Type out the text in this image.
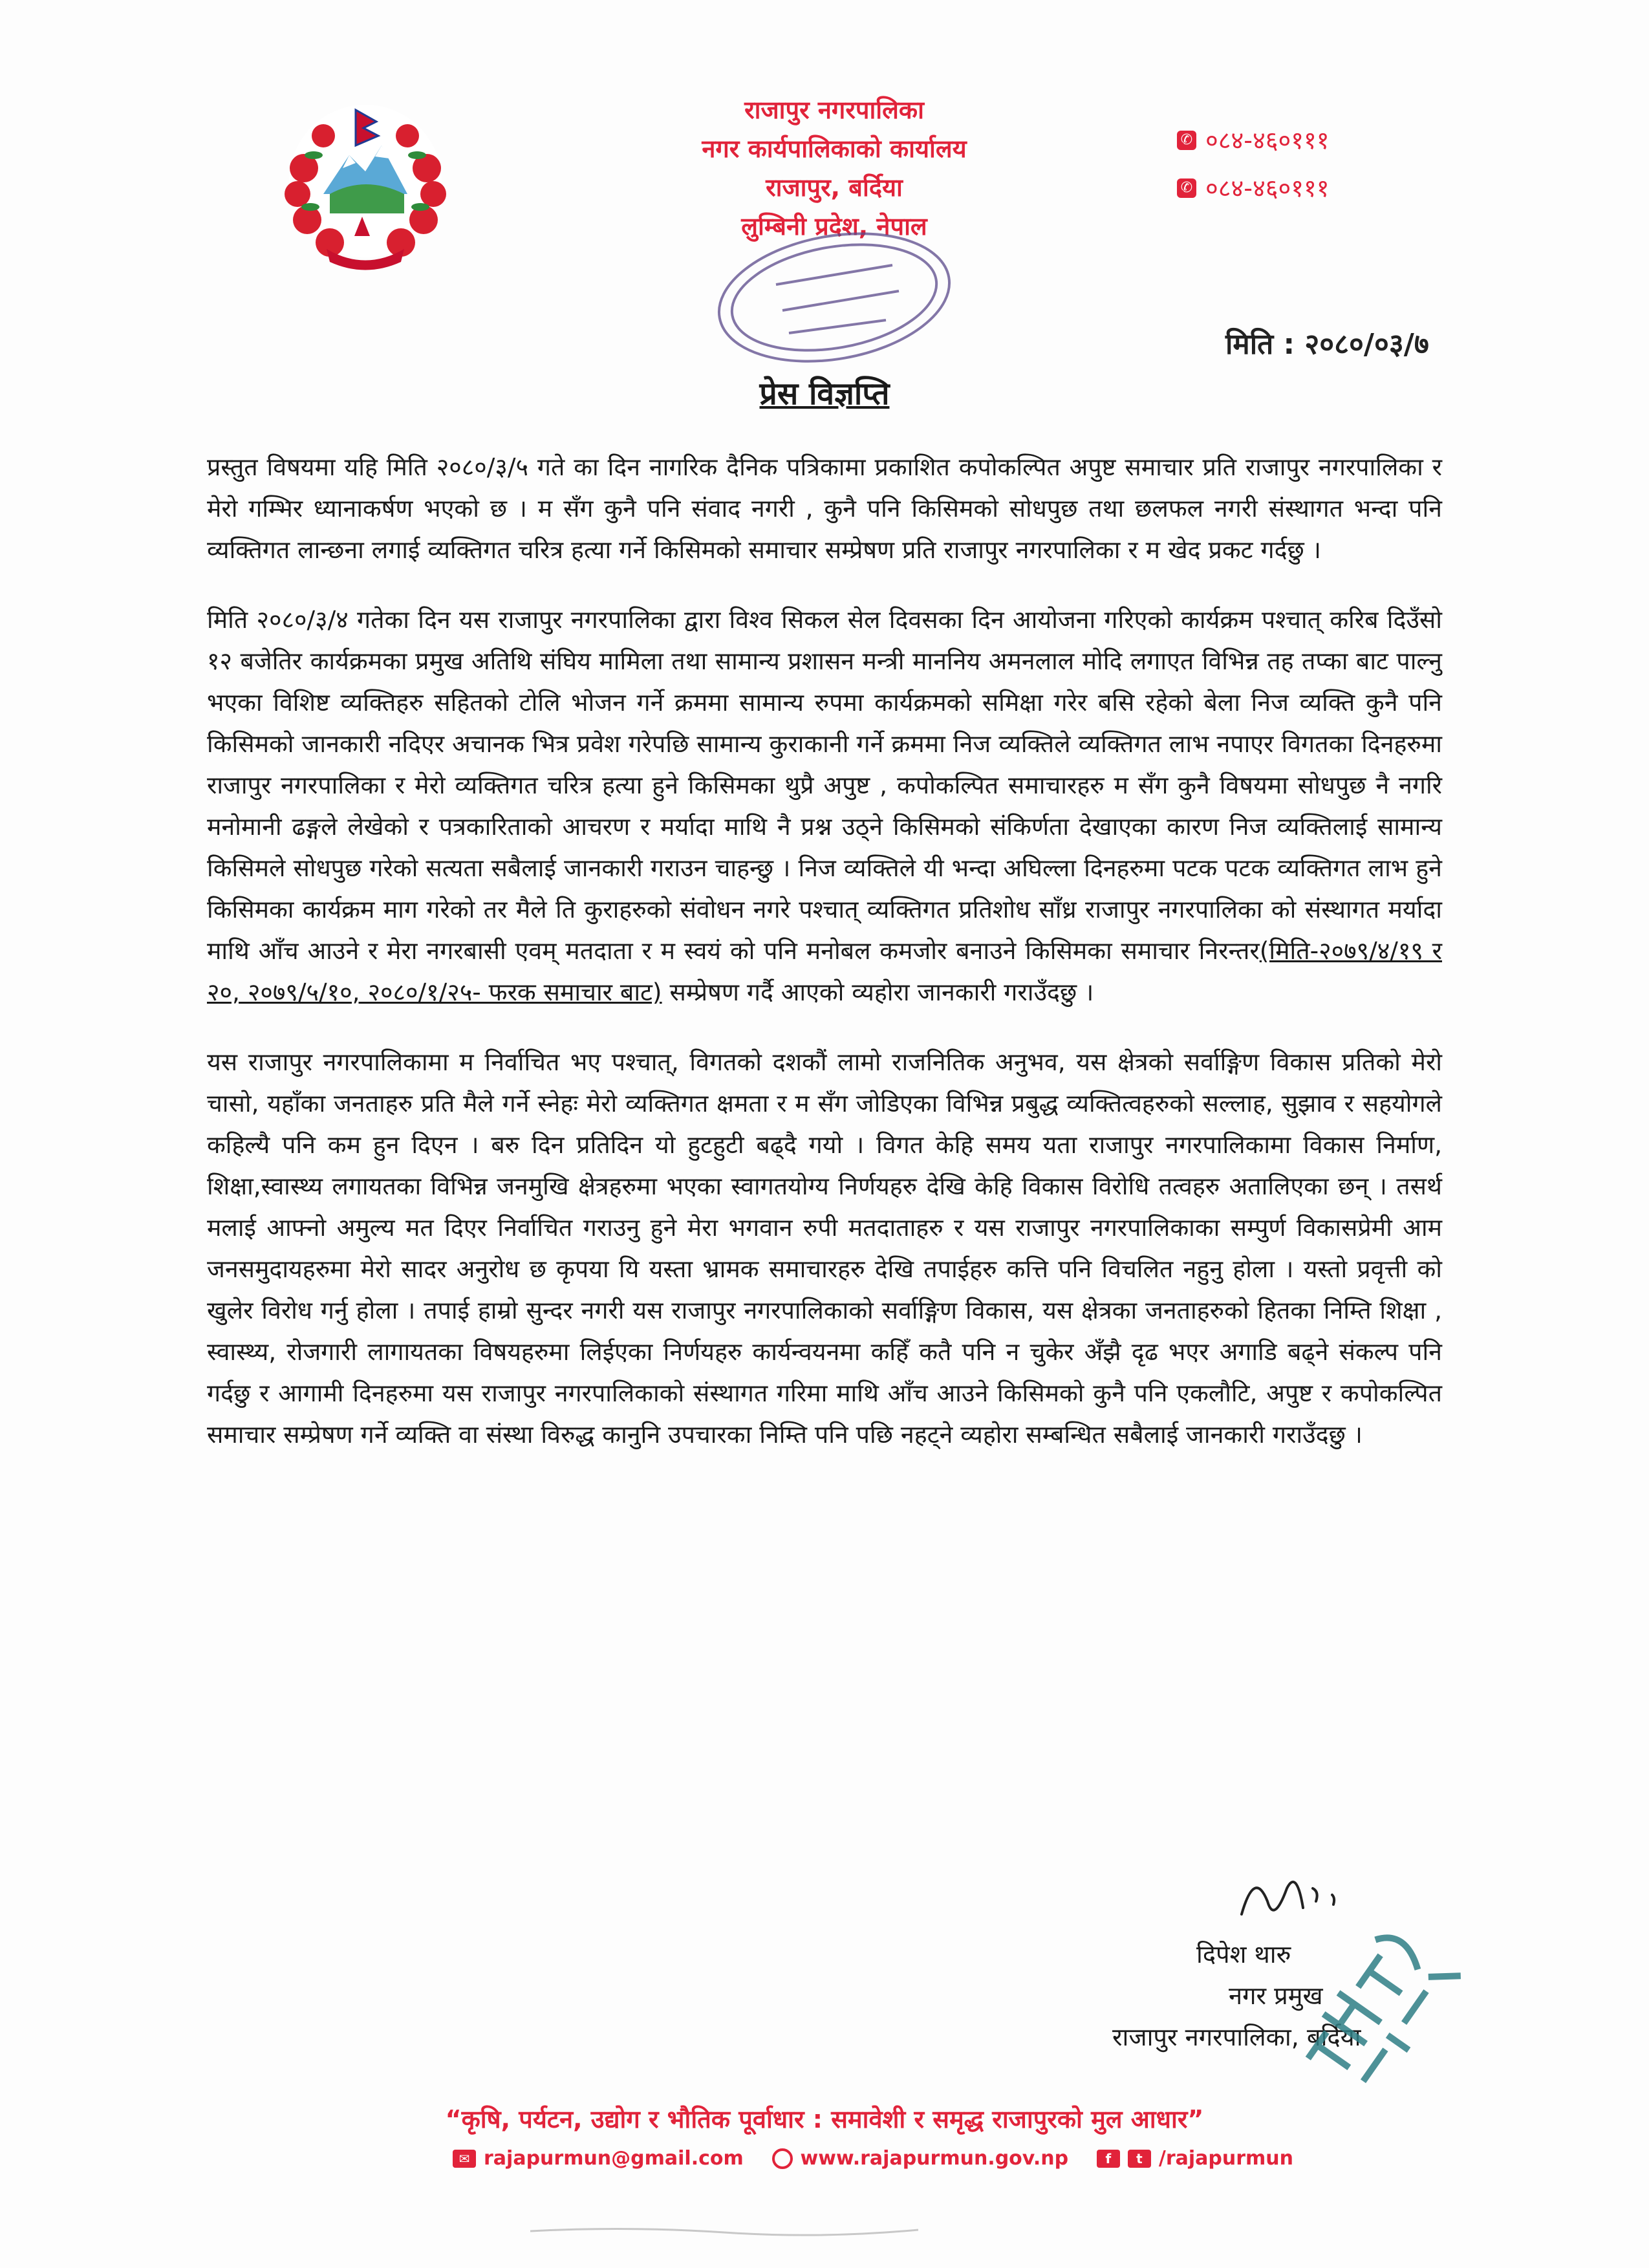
राजापुर नगरपालिका
नगर कार्यपालिकाको कार्यालय
राजापुर, बर्दिया
लुम्बिनी प्रदेश, नेपाल
✆ ०८४-४६०१११
✆ ०८४-४६०१११
मिति : २०८०/०३/७
प्रेस विज्ञप्ति

प्रस्तुत विषयमा यहि मिति २०८०/३/५ गते का दिन नागरिक दैनिक पत्रिकामा प्रकाशित कपोकल्पित अपुष्ट समाचार प्रति राजापुर नगरपालिका र मेरो गम्भिर ध्यानाकर्षण भएको छ । म सँग कुनै पनि संवाद नगरी , कुनै पनि किसिमको सोधपुछ तथा छलफल नगरी संस्थागत भन्दा पनि व्यक्तिगत लान्छना लगाई व्यक्तिगत चरित्र हत्या गर्ने किसिमको समाचार सम्प्रेषण प्रति राजापुर नगरपालिका र म खेद प्रकट गर्दछु ।

मिति २०८०/३/४ गतेका दिन यस राजापुर नगरपालिका द्वारा विश्व सिकल सेल दिवसका दिन आयोजना गरिएको कार्यक्रम पश्चात् करिब दिउँसो १२ बजेतिर कार्यक्रमका प्रमुख अतिथि संघिय मामिला तथा सामान्य प्रशासन मन्त्री माननिय अमनलाल मोदि लगाएत विभिन्न तह तप्का बाट पाल्नु भएका विशिष्ट व्यक्तिहरु सहितको टोलि भोजन गर्ने क्रममा सामान्य रुपमा कार्यक्रमको समिक्षा गरेर बसि रहेको बेला निज व्यक्ति कुनै पनि किसिमको जानकारी नदिएर अचानक भित्र प्रवेश गरेपछि सामान्य कुराकानी गर्ने क्रममा निज व्यक्तिले व्यक्तिगत लाभ नपाएर विगतका दिनहरुमा राजापुर नगरपालिका र मेरो व्यक्तिगत चरित्र हत्या हुने किसिमका थुप्रै अपुष्ट , कपोकल्पित समाचारहरु म सँग कुनै विषयमा सोधपुछ नै नगरि मनोमानी ढङ्गले लेखेको र पत्रकारिताको आचरण र मर्यादा माथि नै प्रश्न उठ्ने किसिमको संकिर्णता देखाएका कारण निज व्यक्तिलाई सामान्य किसिमले सोधपुछ गरेको सत्यता सबैलाई जानकारी गराउन चाहन्छु । निज व्यक्तिले यी भन्दा अघिल्ला दिनहरुमा पटक पटक व्यक्तिगत लाभ हुने किसिमका कार्यक्रम माग गरेको तर मैले ति कुराहरुको संवोधन नगरे पश्चात् व्यक्तिगत प्रतिशोध साँध्र राजापुर नगरपालिका को संस्थागत मर्यादा माथि आँच आउने र मेरा नगरबासी एवम् मतदाता र म स्वयं को पनि मनोबल कमजोर बनाउने किसिमका समाचार निरन्तर(मिति-२०७९/४/१९ र २०, २०७९/५/१०, २०८०/१/२५- फरक समाचार बाट) सम्प्रेषण गर्दै आएको व्यहोरा जानकारी गराउँदछु ।

यस राजापुर नगरपालिकामा म निर्वाचित भए पश्चात्, विगतको दशकौं लामो राजनितिक अनुभव, यस क्षेत्रको सर्वाङ्गिण विकास प्रतिको मेरो चासो, यहाँका जनताहरु प्रति मैले गर्ने स्नेहः मेरो व्यक्तिगत क्षमता र म सँग जोडिएका विभिन्न प्रबुद्ध व्यक्तित्वहरुको सल्लाह, सुझाव र सहयोगले कहिल्यै पनि कम हुन दिएन । बरु दिन प्रतिदिन यो हुटहुटी बढ्दै गयो । विगत केहि समय यता राजापुर नगरपालिकामा विकास निर्माण, शिक्षा,स्वास्थ्य लगायतका विभिन्न जनमुखि क्षेत्रहरुमा भएका स्वागतयोग्य निर्णयहरु देखि केहि विकास विरोधि तत्वहरु अतालिएका छन् । तसर्थ मलाई आफ्नो अमुल्य मत दिएर निर्वाचित गराउनु हुने मेरा भगवान रुपी मतदाताहरु र यस राजापुर नगरपालिकाका सम्पुर्ण विकासप्रेमी आम जनसमुदायहरुमा मेरो सादर अनुरोध छ कृपया यि यस्ता भ्रामक समाचारहरु देखि तपाईहरु कत्ति पनि विचलित नहुनु होला । यस्तो प्रवृत्ती को खुलेर विरोध गर्नु होला । तपाई हाम्रो सुन्दर नगरी यस राजापुर नगरपालिकाको सर्वाङ्गिण विकास, यस क्षेत्रका जनताहरुको हितका निम्ति शिक्षा , स्वास्थ्य, रोजगारी लागायतका विषयहरुमा लिईएका निर्णयहरु कार्यन्वयनमा कहिँ कतै पनि न चुकेर अँझै दृढ भएर अगाडि बढ्ने संकल्प पनि गर्दछु र आगामी दिनहरुमा यस राजापुर नगरपालिकाको संस्थागत गरिमा माथि आँच आउने किसिमको कुनै पनि एकलौटि, अपुष्ट र कपोकल्पित समाचार सम्प्रेषण गर्ने व्यक्ति वा संस्था विरुद्ध कानुनि उपचारका निम्ति पनि पछि नहट्ने व्यहोरा सम्बन्धित सबैलाई जानकारी गराउँदछु ।

दिपेश थारु
नगर प्रमुख
राजापुर नगरपालिका, बर्दिया
“कृषि, पर्यटन, उद्योग र भौतिक पूर्वाधार : समावेशी र समृद्ध राजापुरको मुल आधार”
✉ rajapurmun@gmail.com	www.rajapurmun.gov.np	f	t /rajapurmun
